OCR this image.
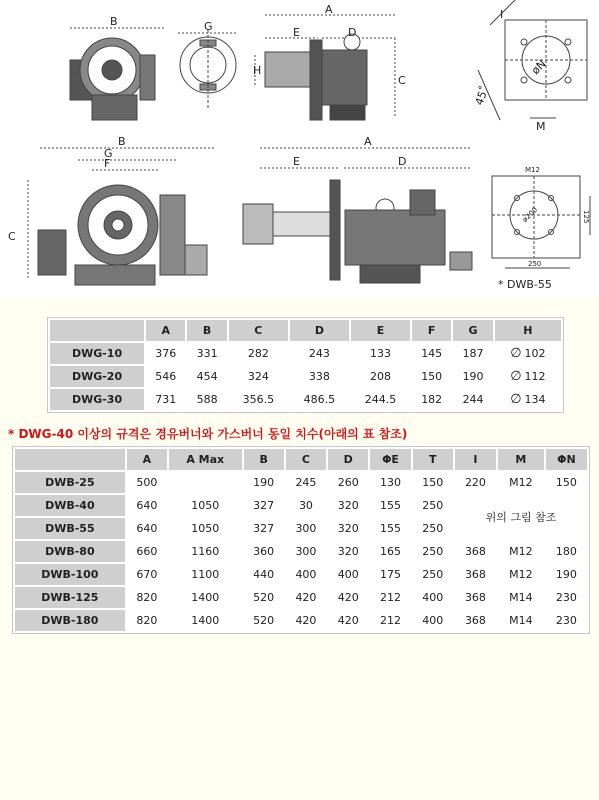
B	G
A
E	D
H
C
I
øN
45˚
M
B
G
F
C
A
E	D
M12
ø200
250
125
* DWB-55
	A	B	C	D	E	F	G	H
DWG-10	376	331	282	243	133	145	187	∅ 102
DWG-20	546	454	324	338	208	150	190	∅ 112
DWG-30	731	588	356.5	486.5	244.5	182	244	∅ 134
* DWG-40 이상의 규격은 경유버너와 가스버너 동일 치수(아래의 표 참조)
	A	A Max	B	C	D	ΦE	T	I	M	ΦN
DWB-25	500		190	245	260	130	150	220	M12	150
DWB-40	640	1050	327	30	320	155	250	위의 그림 참조		
DWB-55	640	1050	327	300	320	155	250			
DWB-80	660	1160	360	300	320	165	250	368	M12	180
DWB-100	670	1100	440	400	400	175	250	368	M12	190
DWB-125	820	1400	520	420	420	212	400	368	M14	230
DWB-180	820	1400	520	420	420	212	400	368	M14	230
